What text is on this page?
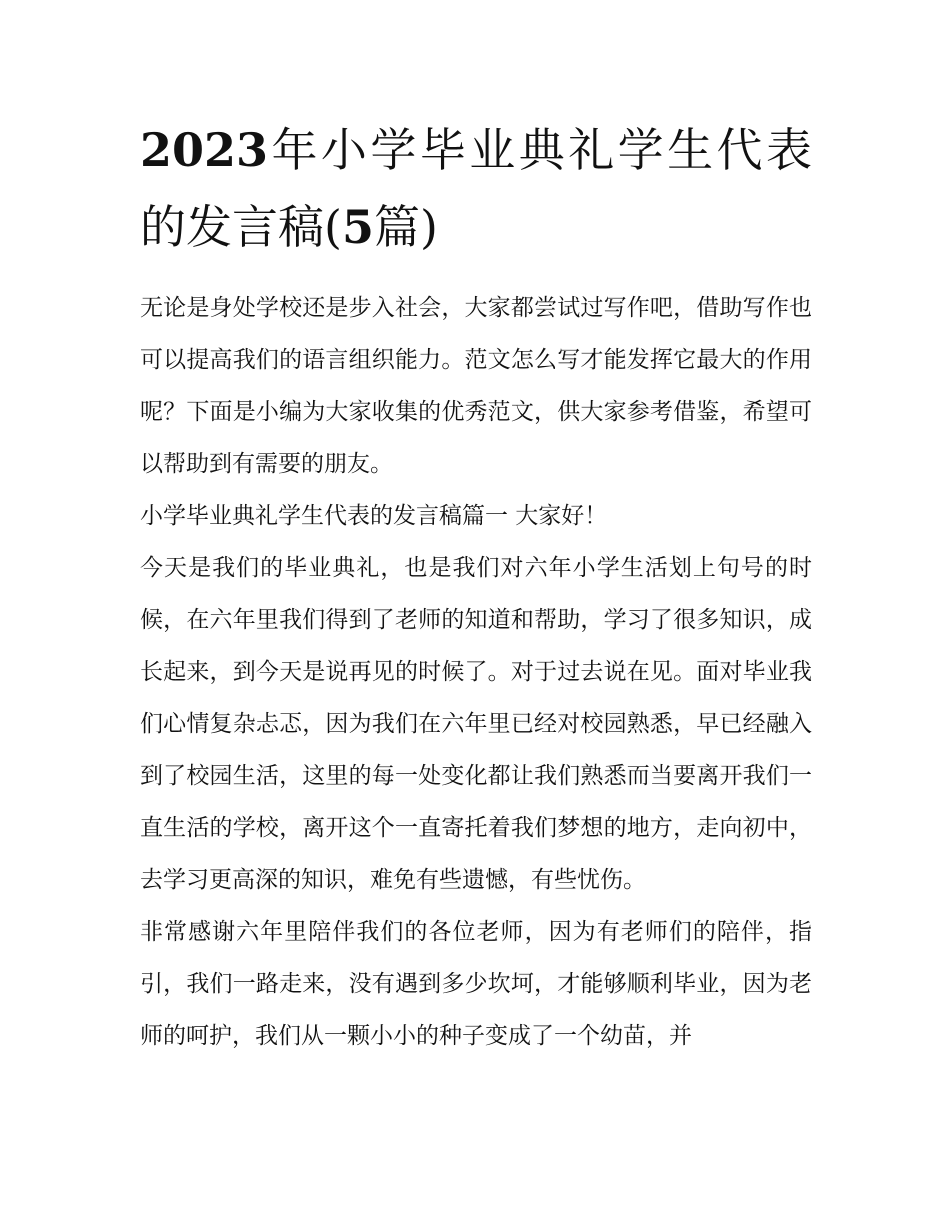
2023年小学毕业典礼学生代表的发言稿(5篇)

无论是身处学校还是步入社会，大家都尝试过写作吧，借助写作也可以提高我们的语言组织能力。范文怎么写才能发挥它最大的作用呢？下面是小编为大家收集的优秀范文，供大家参考借鉴，希望可以帮助到有需要的朋友。

小学毕业典礼学生代表的发言稿篇一 大家好！

今天是我们的毕业典礼，也是我们对六年小学生活划上句号的时候，在六年里我们得到了老师的知道和帮助，学习了很多知识，成长起来，到今天是说再见的时候了。对于过去说在见。面对毕业我们心情复杂忐忑，因为我们在六年里已经对校园熟悉，早已经融入到了校园生活，这里的每一处变化都让我们熟悉而当要离开我们一直生活的学校，离开这个一直寄托着我们梦想的地方，走向初中，去学习更高深的知识，难免有些遗憾，有些忧伤。

非常感谢六年里陪伴我们的各位老师，因为有老师们的陪伴，指引，我们一路走来，没有遇到多少坎坷，才能够顺利毕业，因为老师的呵护，我们从一颗小小的种子变成了一个幼苗，并
